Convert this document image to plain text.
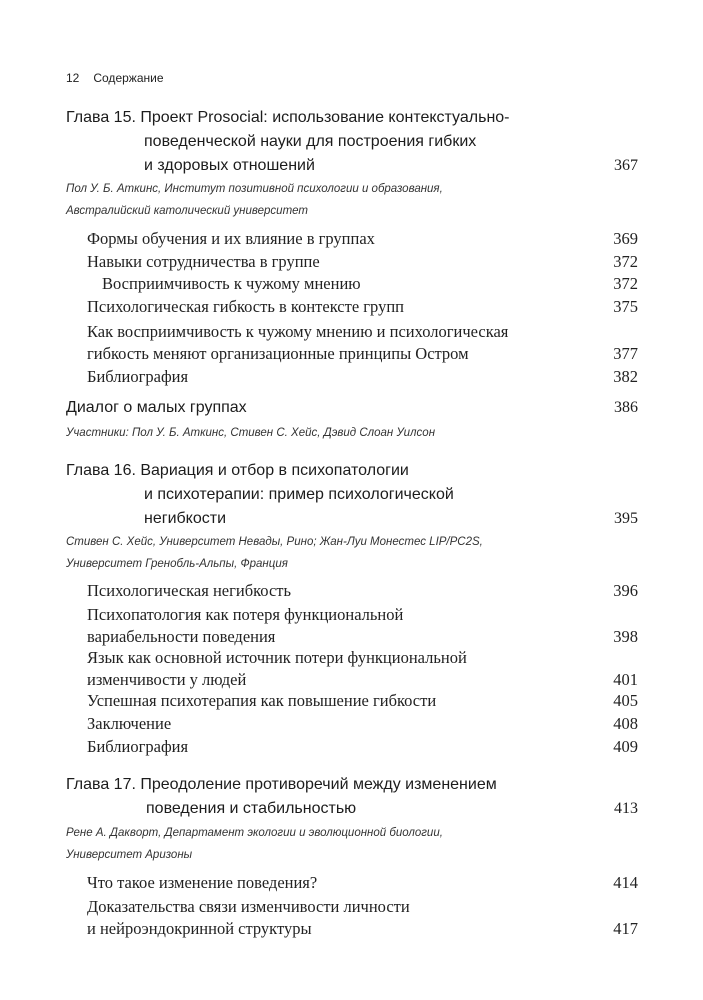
12 Содержание
Глава 15. Проект Prosocial: использование контекстуально-
поведенческой науки для построения гибких
и здоровых отношений	367
Пол У. Б. Аткинс, Институт позитивной психологии и образования,
Австралийский католический университет
Формы обучения и их влияние в группах	369
Навыки сотрудничества в группе	372
Восприимчивость к чужому мнению	372
Психологическая гибкость в контексте групп	375
Как восприимчивость к чужому мнению и психологическая
гибкость меняют организационные принципы Остром	377
Библиография	382
Диалог о малых группах	386
Участники: Пол У. Б. Аткинс, Стивен С. Хейс, Дэвид Слоан Уилсон
Глава 16. Вариация и отбор в психопатологии
и психотерапии: пример психологической
негибкости	395
Стивен С. Хейс, Университет Невады, Рино; Жан-Луи Монестес LIP/PC2S,
Университет Гренобль-Альпы, Франция
Психологическая негибкость	396
Психопатология как потеря функциональной
вариабельности поведения	398
Язык как основной источник потери функциональной
изменчивости у людей	401
Успешная психотерапия как повышение гибкости	405
Заключение	408
Библиография	409
Глава 17. Преодоление противоречий между изменением
поведения и стабильностью	413
Рене А. Даквoрт, Департамент экологии и эволюционной биологии,
Университет Аризоны
Что такое изменение поведения?	414
Доказательства связи изменчивости личности
и нейроэндокринной структуры	417
